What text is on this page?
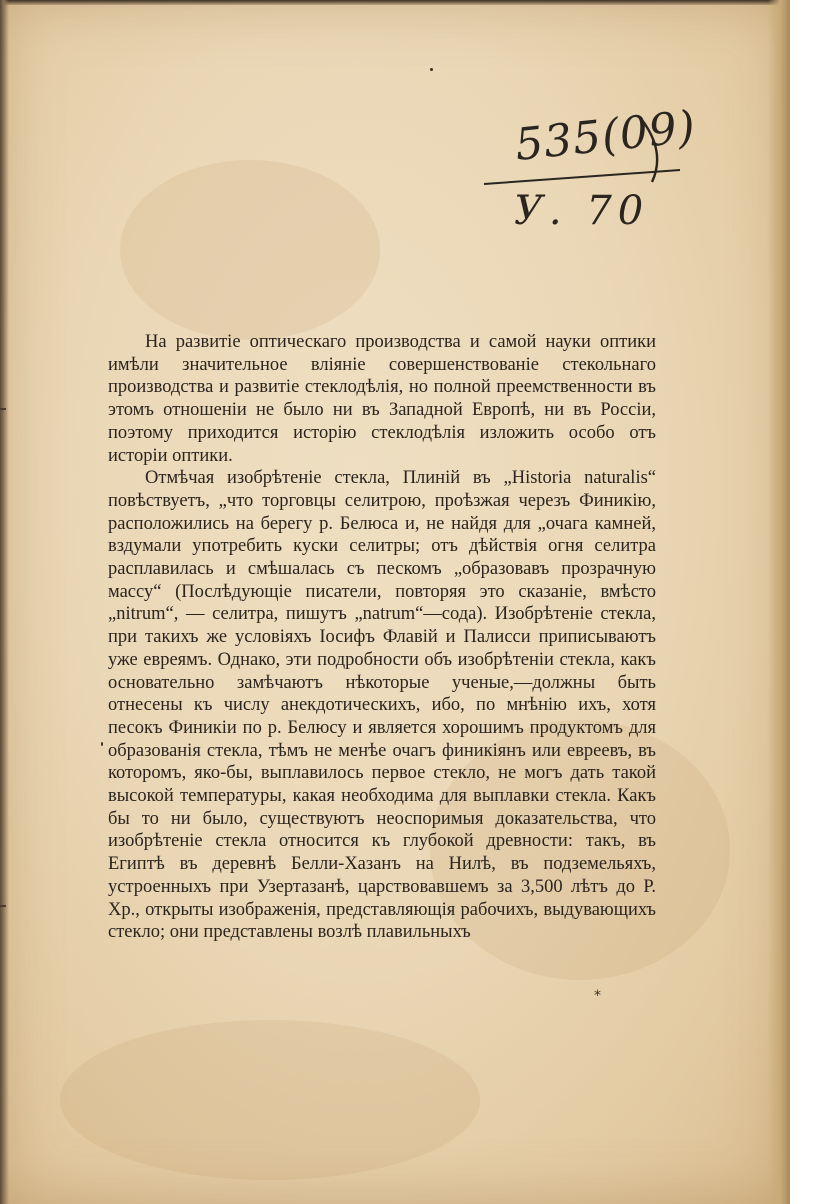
535(09)
У. 70

На развитіе оптическаго производства и самой науки оптики имѣли значительное вліяніе совершенствованіе стекольнаго производства и развитіе стеклодѣлія, но полной преемственности въ этомъ отношеніи не было ни въ Западной Европѣ, ни въ Россіи, поэтому приходится исторію стеклодѣлія изложить особо отъ исторіи оптики.

Отмѣчая изобрѣтеніе стекла, Плиній въ „Historia naturalis“ повѣствуетъ, „что торговцы селитрою, проѣзжая черезъ Финикію, расположились на берегу р. Белюса и, не найдя для „очага камней, вздумали употребить куски селитры; отъ дѣйствія огня селитра расплавилась и смѣшалась съ пескомъ „образовавъ прозрачную массу“ (Послѣдующіе писатели, повторяя это сказаніе, вмѣсто „nitrum“, — селитра, пишутъ „natrum“—сода). Изобрѣтеніе стекла, при такихъ же условіяхъ Іосифъ Флавій и Палисси приписываютъ уже евреямъ. Однако, эти подробности объ изобрѣтеніи стекла, какъ основательно замѣчаютъ нѣкоторые ученые,—должны быть отнесены къ числу анекдотическихъ, ибо, по мнѣнію ихъ, хотя песокъ Финикіи по р. Белюсу и является хорошимъ продуктомъ для образованія стекла, тѣмъ не менѣе очагъ финикіянъ или евреевъ, въ которомъ, яко-бы, выплавилось первое стекло, не могъ дать такой высокой температуры, какая необходима для выплавки стекла. Какъ бы то ни было, существуютъ неоспоримыя доказательства, что изобрѣтеніе стекла относится къ глубокой древности: такъ, въ Египтѣ въ деревнѣ Белли-Хазанъ на Нилѣ, въ подземельяхъ, устроенныхъ при Узертазанѣ, царствовавшемъ за 3,500 лѣтъ до Р. Хр., открыты изображенія, представляющія рабочихъ, выдувающихъ стекло; они представлены возлѣ плавильныхъ

*
